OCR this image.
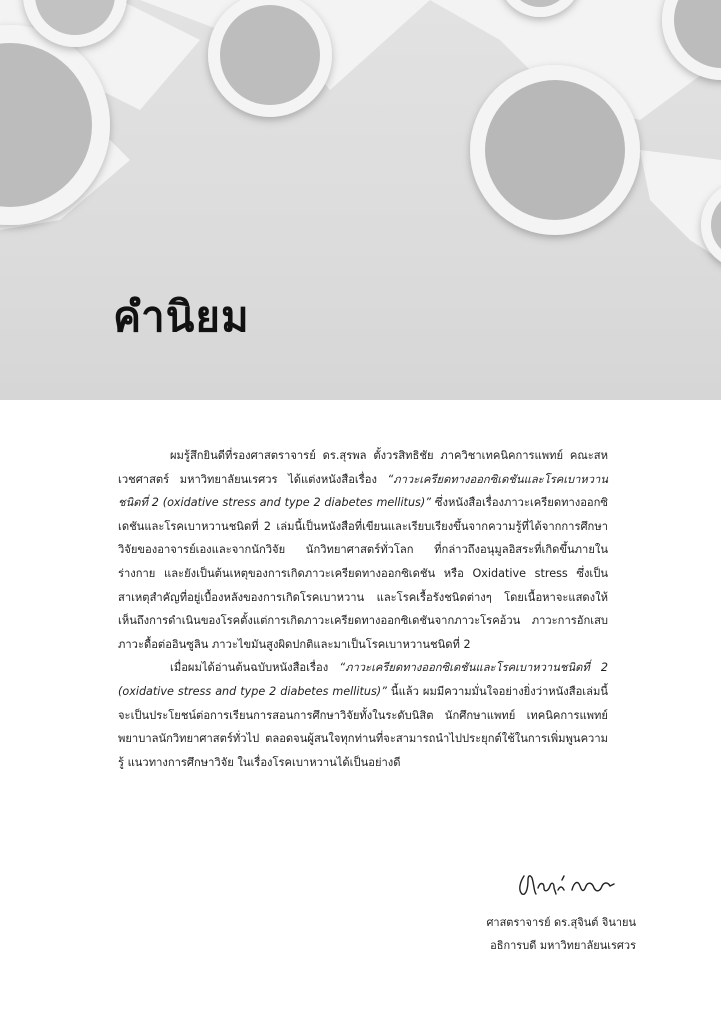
คำนิยม

ผมรู้สึกยินดีที่รองศาสตราจารย์ ดร.สุรพล ตั้งวรสิทธิชัย ภาควิชาเทคนิคการแพทย์ คณะสหเวชศาสตร์ มหาวิทยาลัยนเรศวร ได้แต่งหนังสือเรื่อง “ภาวะเครียดทางออกซิเดชันและโรคเบาหวานชนิดที่ 2 (oxidative stress and type 2 diabetes mellitus)” ซึ่งหนังสือเรื่องภาวะเครียดทางออกซิเดชันและโรคเบาหวานชนิดที่ 2 เล่มนี้เป็นหนังสือที่เขียนและเรียบเรียงขึ้นจากความรู้ที่ได้จากการศึกษาวิจัยของอาจารย์เองและจากนักวิจัย นักวิทยาศาสตร์ทั่วโลก ที่กล่าวถึงอนุมูลอิสระที่เกิดขึ้นภายในร่างกาย และยังเป็นต้นเหตุของการเกิดภาวะเครียดทางออกซิเดชัน หรือ Oxidative stress ซึ่งเป็นสาเหตุสำคัญที่อยู่เบื้องหลังของการเกิดโรคเบาหวาน และโรคเรื้อรังชนิดต่างๆ โดยเนื้อหาจะแสดงให้เห็นถึงการดำเนินของโรคตั้งแต่การเกิดภาวะเครียดทางออกซิเดชันจากภาวะโรคอ้วน ภาวะการอักเสบ ภาวะดื้อต่ออินซูลิน ภาวะไขมันสูงผิดปกติและมาเป็นโรคเบาหวานชนิดที่ 2

เมื่อผมได้อ่านต้นฉบับหนังสือเรื่อง “ภาวะเครียดทางออกซิเดชันและโรคเบาหวานชนิดที่ 2 (oxidative stress and type 2 diabetes mellitus)” นี้แล้ว ผมมีความมั่นใจอย่างยิ่งว่าหนังสือเล่มนี้จะเป็นประโยชน์ต่อการเรียนการสอนการศึกษาวิจัยทั้งในระดับนิสิต นักศึกษาแพทย์ เทคนิคการแพทย์ พยาบาลนักวิทยาศาสตร์ทั่วไป ตลอดจนผู้สนใจทุกท่านที่จะสามารถนำไปประยุกต์ใช้ในการเพิ่มพูนความรู้ แนวทางการศึกษาวิจัย ในเรื่องโรคเบาหวานได้เป็นอย่างดี

ศาสตราจารย์ ดร.สุจินต์ จินายน
อธิการบดี มหาวิทยาลัยนเรศวร
